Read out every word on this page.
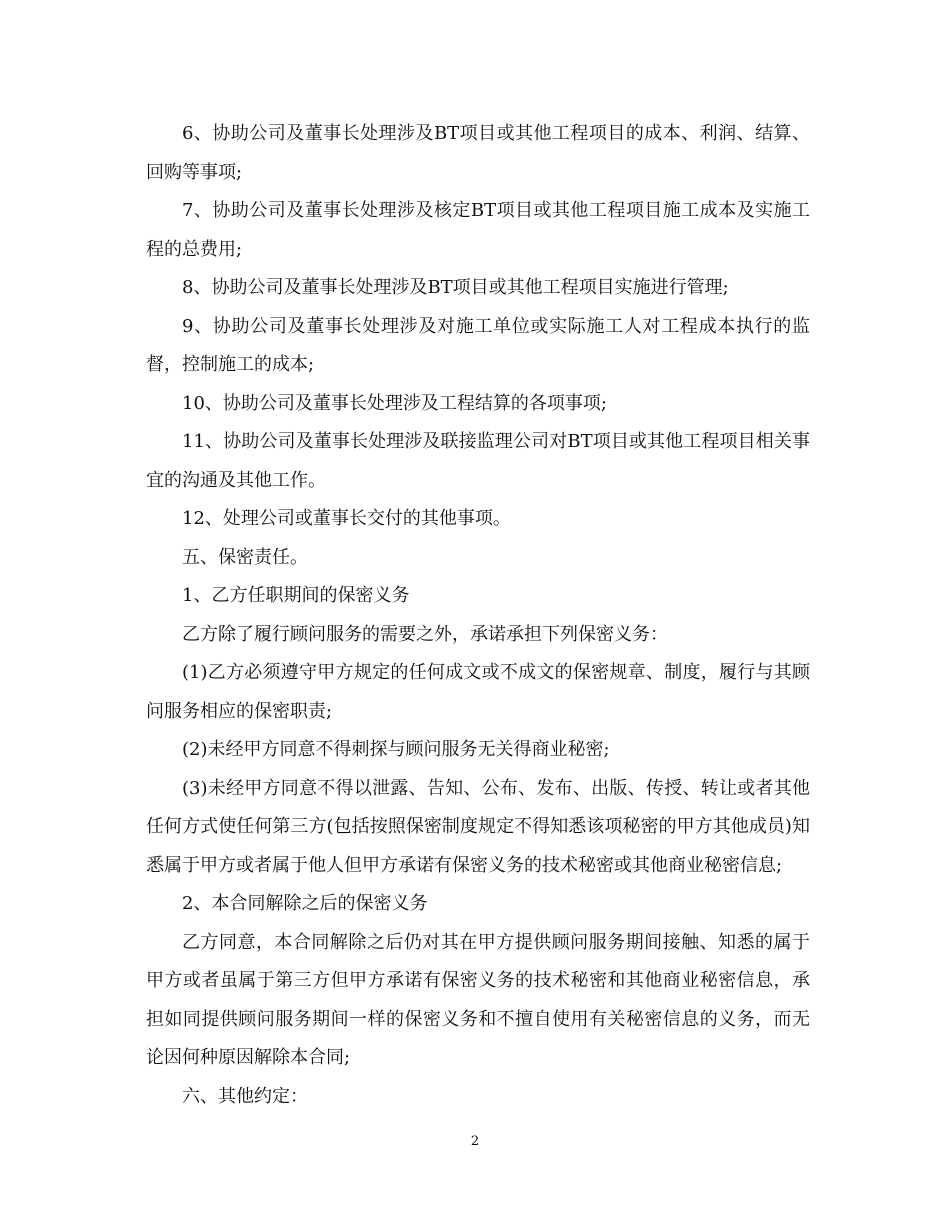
6、协助公司及董事长处理涉及BT项目或其他工程项目的成本、利润、结算、回购等事项;

7、协助公司及董事长处理涉及核定BT项目或其他工程项目施工成本及实施工程的总费用;

8、协助公司及董事长处理涉及BT项目或其他工程项目实施进行管理;

9、协助公司及董事长处理涉及对施工单位或实际施工人对工程成本执行的监督，控制施工的成本;

10、协助公司及董事长处理涉及工程结算的各项事项;

11、协助公司及董事长处理涉及联接监理公司对BT项目或其他工程项目相关事宜的沟通及其他工作。

12、处理公司或董事长交付的其他事项。

五、保密责任。

1、乙方任职期间的保密义务

乙方除了履行顾问服务的需要之外，承诺承担下列保密义务：

(1)乙方必须遵守甲方规定的任何成文或不成文的保密规章、制度，履行与其顾问服务相应的保密职责;

(2)未经甲方同意不得刺探与顾问服务无关得商业秘密;

(3)未经甲方同意不得以泄露、告知、公布、发布、出版、传授、转让或者其他任何方式使任何第三方(包括按照保密制度规定不得知悉该项秘密的甲方其他成员)知悉属于甲方或者属于他人但甲方承诺有保密义务的技术秘密或其他商业秘密信息;

2、本合同解除之后的保密义务

乙方同意，本合同解除之后仍对其在甲方提供顾问服务期间接触、知悉的属于甲方或者虽属于第三方但甲方承诺有保密义务的技术秘密和其他商业秘密信息，承担如同提供顾问服务期间一样的保密义务和不擅自使用有关秘密信息的义务，而无论因何种原因解除本合同;

六、其他约定：

2
